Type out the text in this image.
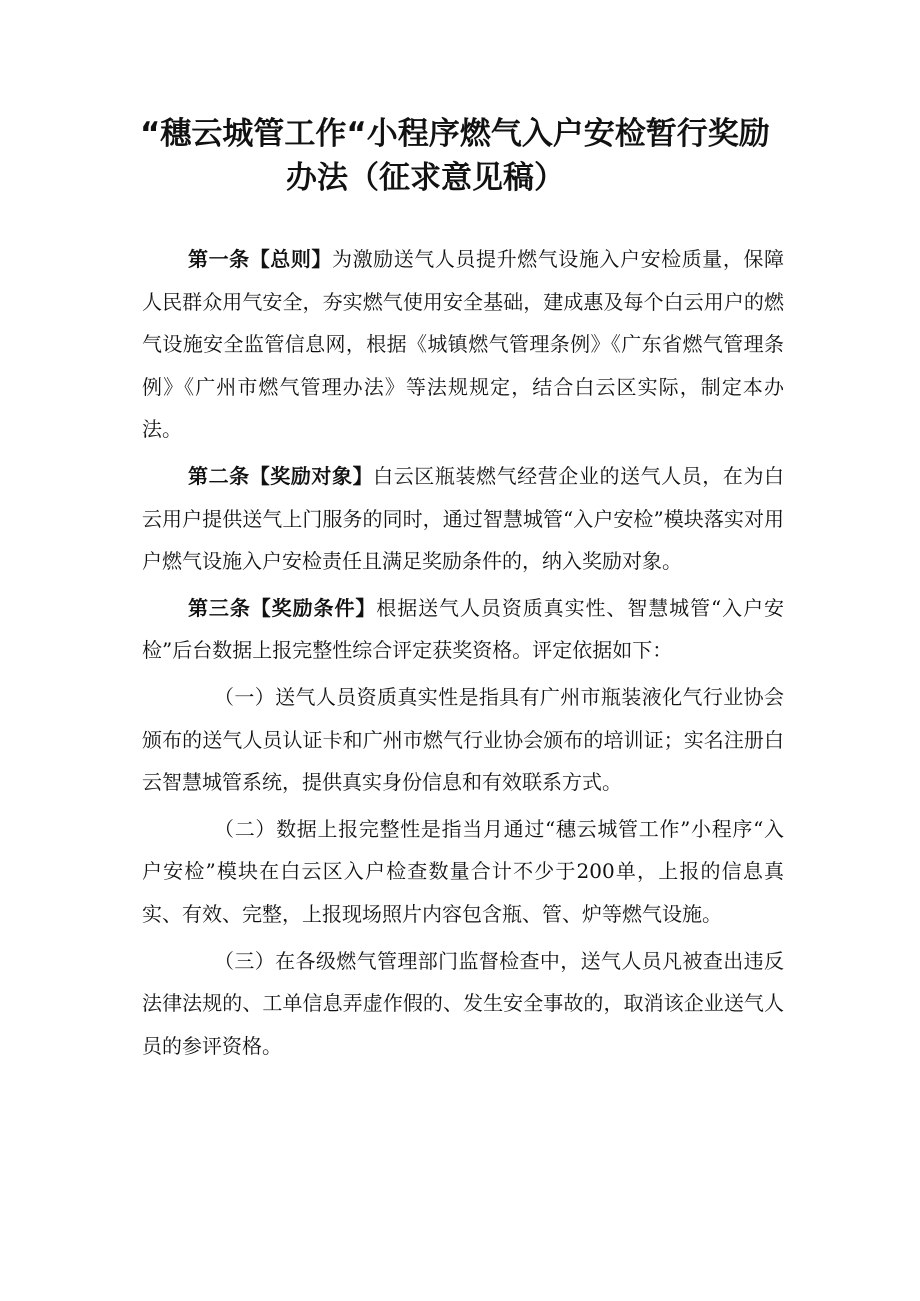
“穗云城管工作“小程序燃气入户安检暂行奖励
办法（征求意见稿）

第一条【总则】为激励送气人员提升燃气设施入户安检质量，保障人民群众用气安全，夯实燃气使用安全基础，建成惠及每个白云用户的燃气设施安全监管信息网，根据《城镇燃气管理条例》《广东省燃气管理条例》《广州市燃气管理办法》等法规规定，结合白云区实际，制定本办法。

第二条【奖励对象】白云区瓶装燃气经营企业的送气人员，在为白云用户提供送气上门服务的同时，通过智慧城管“入户安检”模块落实对用户燃气设施入户安检责任且满足奖励条件的，纳入奖励对象。

第三条【奖励条件】根据送气人员资质真实性、智慧城管“入户安检”后台数据上报完整性综合评定获奖资格。评定依据如下：

（一）送气人员资质真实性是指具有广州市瓶装液化气行业协会颁布的送气人员认证卡和广州市燃气行业协会颁布的培训证；实名注册白云智慧城管系统，提供真实身份信息和有效联系方式。

（二）数据上报完整性是指当月通过“穗云城管工作”小程序“入户安检”模块在白云区入户检查数量合计不少于200单，上报的信息真实、有效、完整，上报现场照片内容包含瓶、管、炉等燃气设施。

（三）在各级燃气管理部门监督检查中，送气人员凡被查出违反法律法规的、工单信息弄虚作假的、发生安全事故的，取消该企业送气人员的参评资格。
